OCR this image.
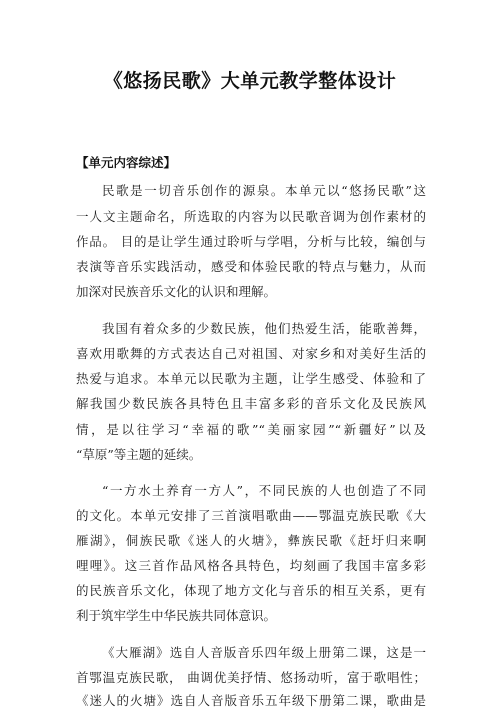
《悠扬民歌》大单元教学整体设计
【单元内容综述】
民歌是一切音乐创作的源泉。本单元以“悠扬民歌”这
一人文主题命名，所选取的内容为以民歌音调为创作素材的
作品。 目的是让学生通过聆听与学唱，分析与比较，编创与
表演等音乐实践活动，感受和体验民歌的特点与魅力，从而
加深对民族音乐文化的认识和理解。
我国有着众多的少数民族，他们热爱生活，能歌善舞，
喜欢用歌舞的方式表达自己对祖国、对家乡和对美好生活的
热爱与追求。本单元以民歌为主题，让学生感受、体验和了
解我国少数民族各具特色且丰富多彩的音乐文化及民族风
情，是以往学习“幸福的歌”“美丽家园”“新疆好”以及
“草原”等主题的延续。
“一方水土养育一方人”，不同民族的人也创造了不同
的文化。本单元安排了三首演唱歌曲——鄂温克族民歌《大
雁湖》，侗族民歌《迷人的火塘》，彝族民歌《赶圩归来啊
哩哩》。这三首作品风格各具特色，均刻画了我国丰富多彩
的民族音乐文化，体现了地方文化与音乐的相互关系，更有
利于筑牢学生中华民族共同体意识。
《大雁湖》选自人音版音乐四年级上册第二课，这是一
首鄂温克族民歌， 曲调优美抒情、悠扬动听，富于歌唱性；
《迷人的火塘》选自人音版音乐五年级下册第二课，歌曲是
